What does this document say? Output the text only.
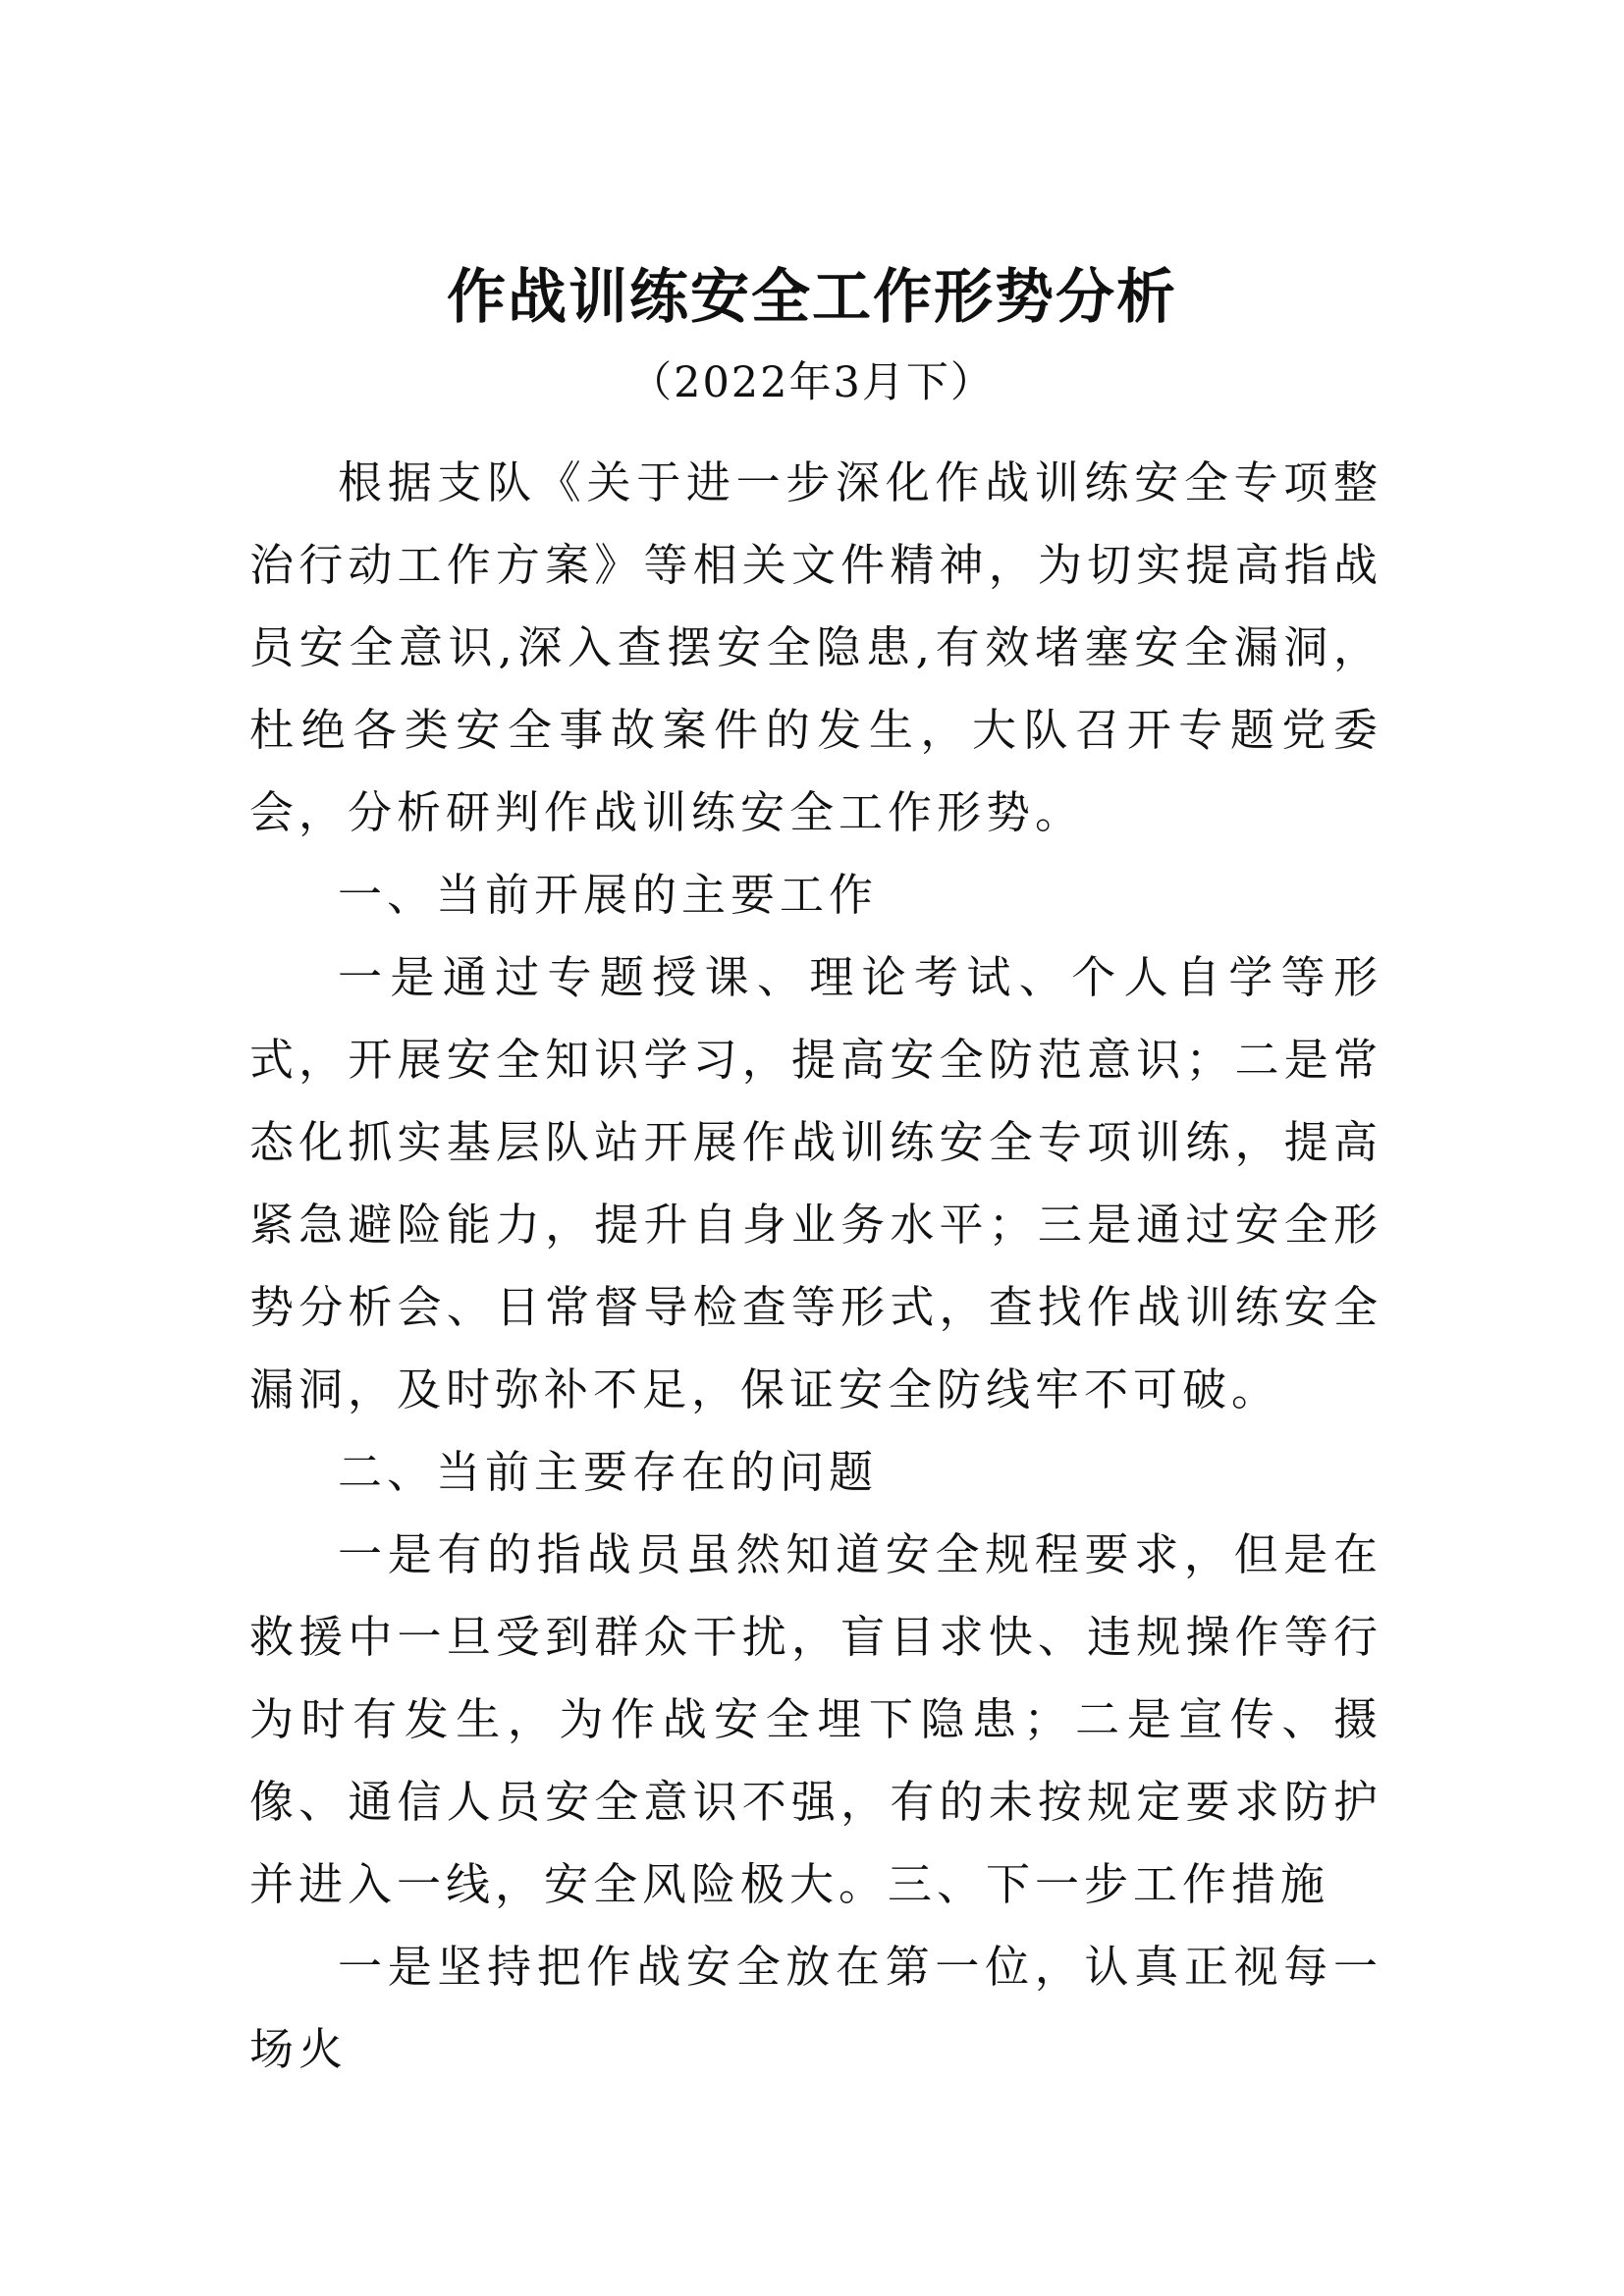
作战训练安全工作形势分析
（2022年3月下）

根据支队《关于进一步深化作战训练安全专项整治行动工作方案》等相关文件精神，为切实提高指战员安全意识,深入查摆安全隐患,有效堵塞安全漏洞，杜绝各类安全事故案件的发生，大队召开专题党委会，分析研判作战训练安全工作形势。

一、当前开展的主要工作

一是通过专题授课、理论考试、个人自学等形式，开展安全知识学习，提高安全防范意识；二是常态化抓实基层队站开展作战训练安全专项训练，提高紧急避险能力，提升自身业务水平；三是通过安全形势分析会、日常督导检查等形式，查找作战训练安全漏洞，及时弥补不足，保证安全防线牢不可破。

二、当前主要存在的问题

一是有的指战员虽然知道安全规程要求，但是在救援中一旦受到群众干扰，盲目求快、违规操作等行为时有发生，为作战安全埋下隐患；二是宣传、摄像、通信人员安全意识不强，有的未按规定要求防护并进入一线，安全风险极大。三、下一步工作措施

一是坚持把作战安全放在第一位，认真正视每一场火
